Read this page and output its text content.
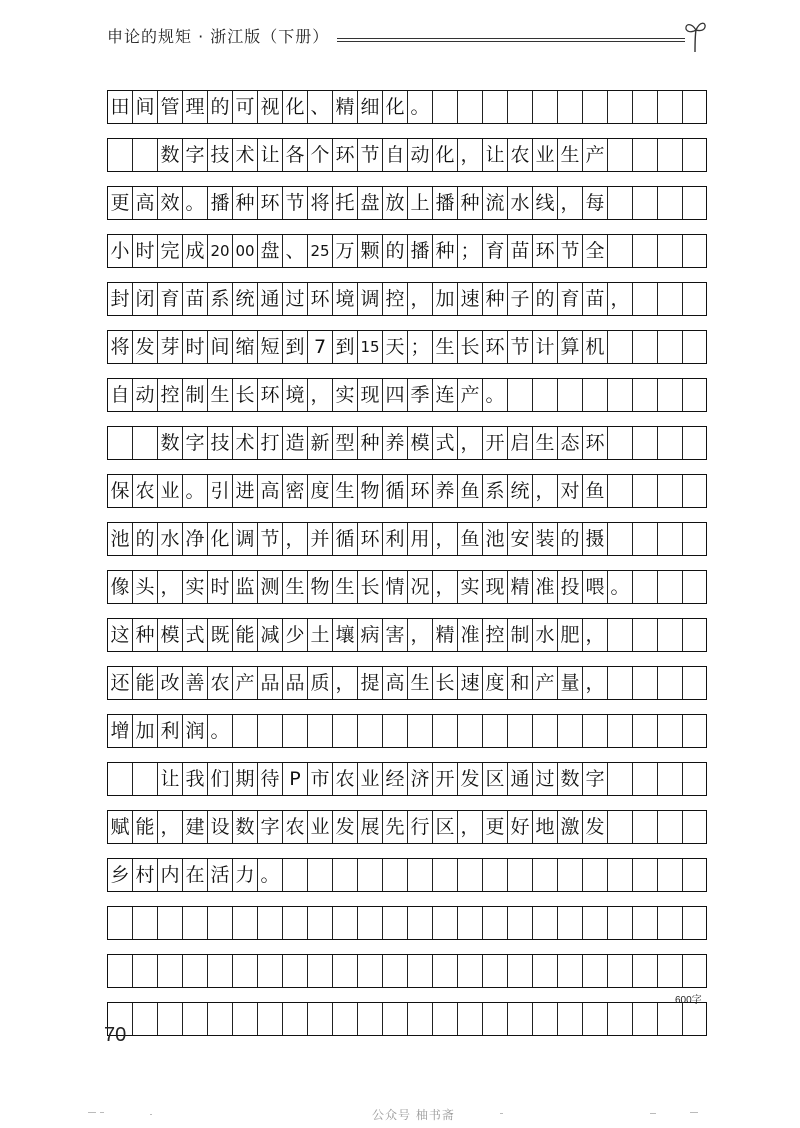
申论的规矩 · 浙江版（下册）
田 间 管 理 的 可 视 化 、 精 细 化 。
数 字 技 术 让 各 个 环 节 自 动 化 ， 让 农 业 生 产
更 高 效 。 播 种 环 节 将 托 盘 放 上 播 种 流 水 线 ， 每
小 时 完 成 20 00 盘 、 25 万 颗 的 播 种 ； 育 苗 环 节 全
封 闭 育 苗 系 统 通 过 环 境 调 控 ， 加 速 种 子 的 育 苗 ，
将 发 芽 时 间 缩 短 到 7 到 15 天 ； 生 长 环 节 计 算 机
自 动 控 制 生 长 环 境 ， 实 现 四 季 连 产 。
数 字 技 术 打 造 新 型 种 养 模 式 ， 开 启 生 态 环
保 农 业 。 引 进 高 密 度 生 物 循 环 养 鱼 系 统 ， 对 鱼
池 的 水 净 化 调 节 ， 并 循 环 利 用 ， 鱼 池 安 装 的 摄
像 头 ， 实 时 监 测 生 物 生 长 情 况 ， 实 现 精 准 投 喂 。
这 种 模 式 既 能 减 少 土 壤 病 害 ， 精 准 控 制 水 肥 ，
还 能 改 善 农 产 品 品 质 ， 提 高 生 长 速 度 和 产 量 ，
增 加 利 润 。
让 我 们 期 待 P 市 农 业 经 济 开 发 区 通 过 数 字
赋 能 ， 建 设 数 字 农 业 发 展 先 行 区 ， 更 好 地 激 发
乡 村 内 在 活 力 。
600字
70
公众号 柚书斋
